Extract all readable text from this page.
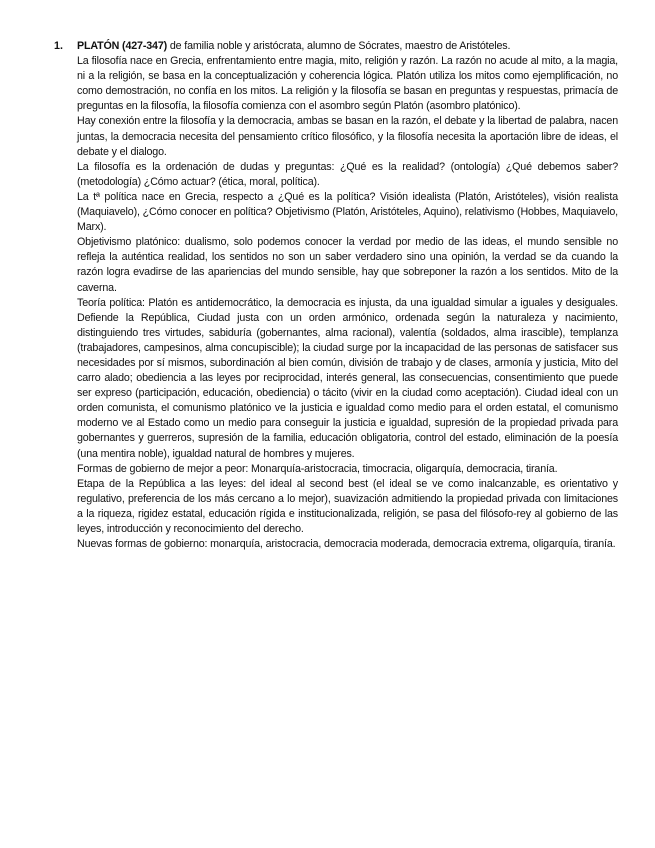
1.	PLATÓN (427-347) de familia noble y aristócrata, alumno de Sócrates, maestro de Aristóteles.

La filosofía nace en Grecia, enfrentamiento entre magia, mito, religión y razón. La razón no acude al mito, a la magia, ni a la religión, se basa en la conceptualización y coherencia lógica. Platón utiliza los mitos como ejemplificación, no como demostración, no confía en los mitos. La religión y la filosofía se basan en preguntas y respuestas, primacía de preguntas en la filosofía, la filosofía comienza con el asombro según Platón (asombro platónico).

Hay conexión entre la filosofía y la democracia, ambas se basan en la razón, el debate y la libertad de palabra, nacen juntas, la democracia necesita del pensamiento crítico filosófico, y la filosofía necesita la aportación libre de ideas, el debate y el dialogo.

La filosofía es la ordenación de dudas y preguntas: ¿Qué es la realidad? (ontología) ¿Qué debemos saber? (metodología) ¿Cómo actuar? (ética, moral, política).

La tª política nace en Grecia, respecto a ¿Qué es la política? Visión idealista (Platón, Aristóteles), visión realista (Maquiavelo), ¿Cómo conocer en política? Objetivismo (Platón, Aristóteles, Aquino), relativismo (Hobbes, Maquiavelo, Marx).

Objetivismo platónico: dualismo, solo podemos conocer la verdad por medio de las ideas, el mundo sensible no refleja la auténtica realidad, los sentidos no son un saber verdadero sino una opinión, la verdad se da cuando la razón logra evadirse de las apariencias del mundo sensible, hay que sobreponer la razón a los sentidos. Mito de la caverna.

Teoría política: Platón es antidemocrático, la democracia es injusta, da una igualdad simular a iguales y desiguales. Defiende la República, Ciudad justa con un orden armónico, ordenada según la naturaleza y nacimiento, distinguiendo tres virtudes, sabiduría (gobernantes, alma racional), valentía (soldados, alma irascible), templanza (trabajadores, campesinos, alma concupiscible); la ciudad surge por la incapacidad de las personas de satisfacer sus necesidades por sí mismos, subordinación al bien común, división de trabajo y de clases, armonía y justicia, Mito del carro alado; obediencia a las leyes por reciprocidad, interés general, las consecuencias, consentimiento que puede ser expreso (participación, educación, obediencia) o tácito (vivir en la ciudad como aceptación). Ciudad ideal con un orden comunista, el comunismo platónico ve la justicia e igualdad como medio para el orden estatal, el comunismo moderno ve al Estado como un medio para conseguir la justicia e igualdad, supresión de la propiedad privada para gobernantes y guerreros, supresión de la familia, educación obligatoria, control del estado, eliminación de la poesía (una mentira noble), igualdad natural de hombres y mujeres.

Formas de gobierno de mejor a peor: Monarquía-aristocracia, timocracia, oligarquía, democracia, tiranía.

Etapa de la República a las leyes: del ideal al second best (el ideal se ve como inalcanzable, es orientativo y regulativo, preferencia de los más cercano a lo mejor), suavización admitiendo la propiedad privada con limitaciones a la riqueza, rigidez estatal, educación rígida e institucionalizada, religión, se pasa del filósofo-rey al gobierno de las leyes, introducción y reconocimiento del derecho.

Nuevas formas de gobierno: monarquía, aristocracia, democracia moderada, democracia extrema, oligarquía, tiranía.
